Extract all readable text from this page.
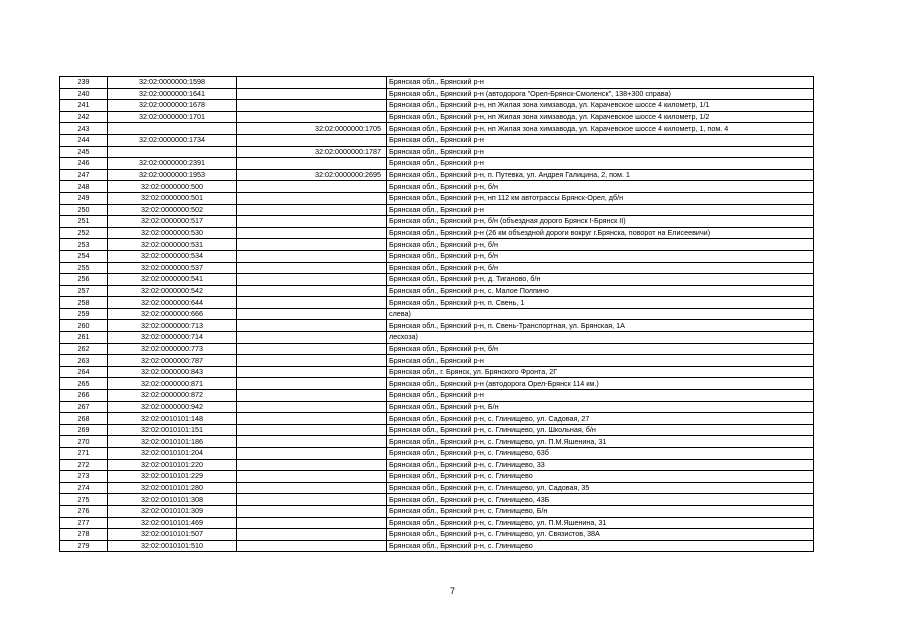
239	32:02:0000000:1598		Брянская обл., Брянский р-н
240	32:02:0000000:1641		Брянская обл., Брянский р-н (автодорога "Орел-Брянск-Смоленск", 138+300 справа)
241	32:02:0000000:1678		Брянская обл., Брянский р-н, нп Жилая зона химзавода, ул. Карачевское шоссе 4 километр, 1/1
242	32:02:0000000:1701		Брянская обл., Брянский р-н, нп Жилая зона химзавода, ул. Карачевское шоссе 4 километр, 1/2
243		32:02:0000000:1705	Брянская обл., Брянский р-н, нп Жилая зона химзавода, ул. Карачевское шоссе 4 километр, 1, пом. 4
244	32:02:0000000:1734		Брянская обл., Брянский р-н
245		32:02:0000000:1787	Брянская обл., Брянский р-н
246	32:02:0000000:2391		Брянская обл., Брянский р-н
247	32:02:0000000:1953	32:02:0000000:2695	Брянская обл., Брянский р-н, п. Путевка, ул. Андрея Галицина, 2, пом. 1
248	32:02:0000000:500		Брянская обл., Брянский р-н, б/н
249	32:02:0000000:501		Брянская обл., Брянский р-н, нп 112 км автотрассы Брянск-Орел, дб/н
250	32:02:0000000:502		Брянская обл., Брянский р-н
251	32:02:0000000:517		Брянская обл., Брянский р-н, б/н (объездная дорого Брянск I-Брянск II)
252	32:02:0000000:530		Брянская обл., Брянский р-н (26 км объездной дороги вокруг г.Брянска, поворот на Елисеевичи)
253	32:02:0000000:531		Брянская обл., Брянский р-н, б/н
254	32:02:0000000:534		Брянская обл., Брянский р-н, б/н
255	32:02:0000000:537		Брянская обл., Брянский р-н, б/н
256	32:02:0000000:541		Брянская обл., Брянский р-н, д. Тиганово, б/н
257	32:02:0000000:542		Брянская обл., Брянский р-н, с. Малое Полпино
258	32:02:0000000:644		Брянская обл., Брянский р-н, п. Свень, 1
259	32:02:0000000:666		слева)
260	32:02:0000000:713		Брянская обл., Брянский р-н, п. Свень-Транспортная, ул. Брянская, 1А
261	32:02:0000000:714		лесхоза)
262	32:02:0000000:773		Брянская обл., Брянский р-н, б/н
263	32:02:0000000:787		Брянская обл., Брянский р-н
264	32:02:0000000:843		Брянская обл., г. Брянск, ул. Брянского Фронта, 2Г
265	32:02:0000000:871		Брянская обл., Брянский р-н (автодорога Орел-Брянск 114 км.)
266	32:02:0000000:872		Брянская обл., Брянский р-н
267	32:02:0000000:942		Брянская обл., Брянский р-н, Б/н
268	32:02:0010101:148		Брянская обл., Брянский р-н, с. Глинищево, ул. Садовая, 27
269	32:02:0010101:151		Брянская обл., Брянский р-н, с. Глинищево, ул. Школьная, б/н
270	32:02:0010101:186		Брянская обл., Брянский р-н, с. Глинищево, ул. П.М.Яшенина, 31
271	32:02:0010101:204		Брянская обл., Брянский р-н, с. Глинищево, 63б
272	32:02:0010101:220		Брянская обл., Брянский р-н, с. Глинищево, 33
273	32:02:0010101:229		Брянская обл., Брянский р-н, с. Глинищево
274	32:02:0010101:280		Брянская обл., Брянский р-н, с. Глинищево, ул. Садовая, 35
275	32:02:0010101:308		Брянская обл., Брянский р-н, с. Глинищево, 43Б
276	32:02:0010101:309		Брянская обл., Брянский р-н, с. Глинищево, Б/н
277	32:02:0010101:469		Брянская обл., Брянский р-н, с. Глинищево, ул. П.М.Яшенина, 31
278	32:02:0010101:507		Брянская обл., Брянский р-н, с. Глинищево, ул. Связистов, 38А
279	32:02:0010101:510		Брянская обл., Брянский р-н, с. Глинищево
7
